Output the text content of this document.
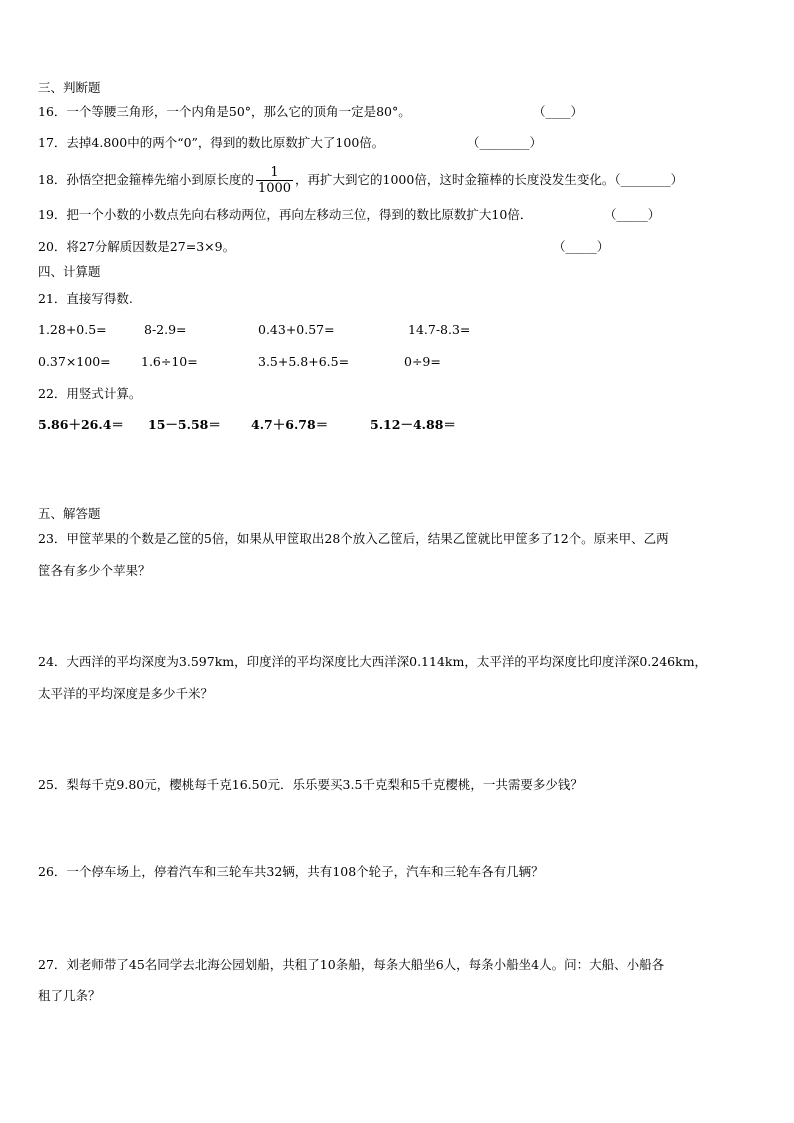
三、判断题
16．一个等腰三角形，一个内角是50°，那么它的顶角一定是80°。	（____）
17．去掉4.800中的两个“0”，得到的数比原数扩大了100倍。	（________）
18．孙悟空把金箍棒先缩小到原长度的 $\frac{1}{1000}$ ，再扩大到它的1000倍，这时金箍棒的长度没发生变化。（________）
19．把一个小数的小数点先向右移动两位，再向左移动三位，得到的数比原数扩大10倍．	（_____）
20．将27分解质因数是27=3×9。	（_____）
四、计算题
21．直接写得数.
1.28+0.5=	8-2.9=	0.43+0.57=	14.7-8.3=
0.37×100= 1.6÷10=	3.5+5.8+6.5=	0÷9=
22．用竖式计算。
5.86＋26.4＝ 15－5.58＝ 4.7＋6.78＝	5.12－4.88＝
五、解答题
23．甲筐苹果的个数是乙筐的5倍，如果从甲筐取出28个放入乙筐后，结果乙筐就比甲筐多了12个。原来甲、乙两
筐各有多少个苹果？
24．大西洋的平均深度为3.597km，印度洋的平均深度比大西洋深0.114km，太平洋的平均深度比印度洋深0.246km，
太平洋的平均深度是多少千米？
25．梨每千克9.80元，樱桃每千克16.50元．乐乐要买3.5千克梨和5千克樱桃，一共需要多少钱？
26．一个停车场上，停着汽车和三轮车共32辆，共有108个轮子，汽车和三轮车各有几辆？
27．刘老师带了45名同学去北海公园划船，共租了10条船，每条大船坐6人，每条小船坐4人。问：大船、小船各
租了几条？
